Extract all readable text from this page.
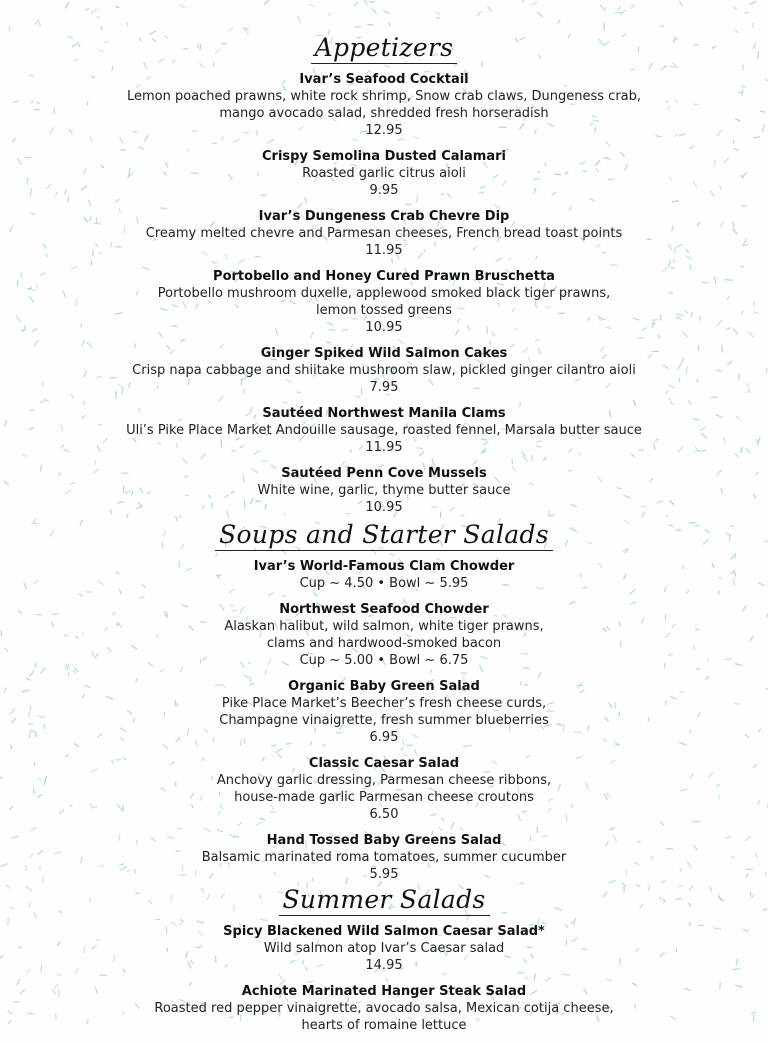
Appetizers
Ivar’s Seafood Cocktail
Lemon poached prawns, white rock shrimp, Snow crab claws, Dungeness crab,
mango avocado salad, shredded fresh horseradish
12.95
Crispy Semolina Dusted Calamari
Roasted garlic citrus aioli
9.95
Ivar’s Dungeness Crab Chevre Dip
Creamy melted chevre and Parmesan cheeses, French bread toast points
11.95
Portobello and Honey Cured Prawn Bruschetta
Portobello mushroom duxelle, applewood smoked black tiger prawns,
lemon tossed greens
10.95
Ginger Spiked Wild Salmon Cakes
Crisp napa cabbage and shiitake mushroom slaw, pickled ginger cilantro aioli
7.95
Sautéed Northwest Manila Clams
Uli’s Pike Place Market Andouille sausage, roasted fennel, Marsala butter sauce
11.95
Sautéed Penn Cove Mussels
White wine, garlic, thyme butter sauce
10.95
Soups and Starter Salads
Ivar’s World-Famous Clam Chowder
Cup ~ 4.50 • Bowl ~ 5.95
Northwest Seafood Chowder
Alaskan halibut, wild salmon, white tiger prawns,
clams and hardwood-smoked bacon
Cup ~ 5.00 • Bowl ~ 6.75
Organic Baby Green Salad
Pike Place Market’s Beecher’s fresh cheese curds,
Champagne vinaigrette, fresh summer blueberries
6.95
Classic Caesar Salad
Anchovy garlic dressing, Parmesan cheese ribbons,
house-made garlic Parmesan cheese croutons
6.50
Hand Tossed Baby Greens Salad
Balsamic marinated roma tomatoes, summer cucumber
5.95
Summer Salads
Spicy Blackened Wild Salmon Caesar Salad*
Wild salmon atop Ivar’s Caesar salad
14.95
Achiote Marinated Hanger Steak Salad
Roasted red pepper vinaigrette, avocado salsa, Mexican cotija cheese,
hearts of romaine lettuce
